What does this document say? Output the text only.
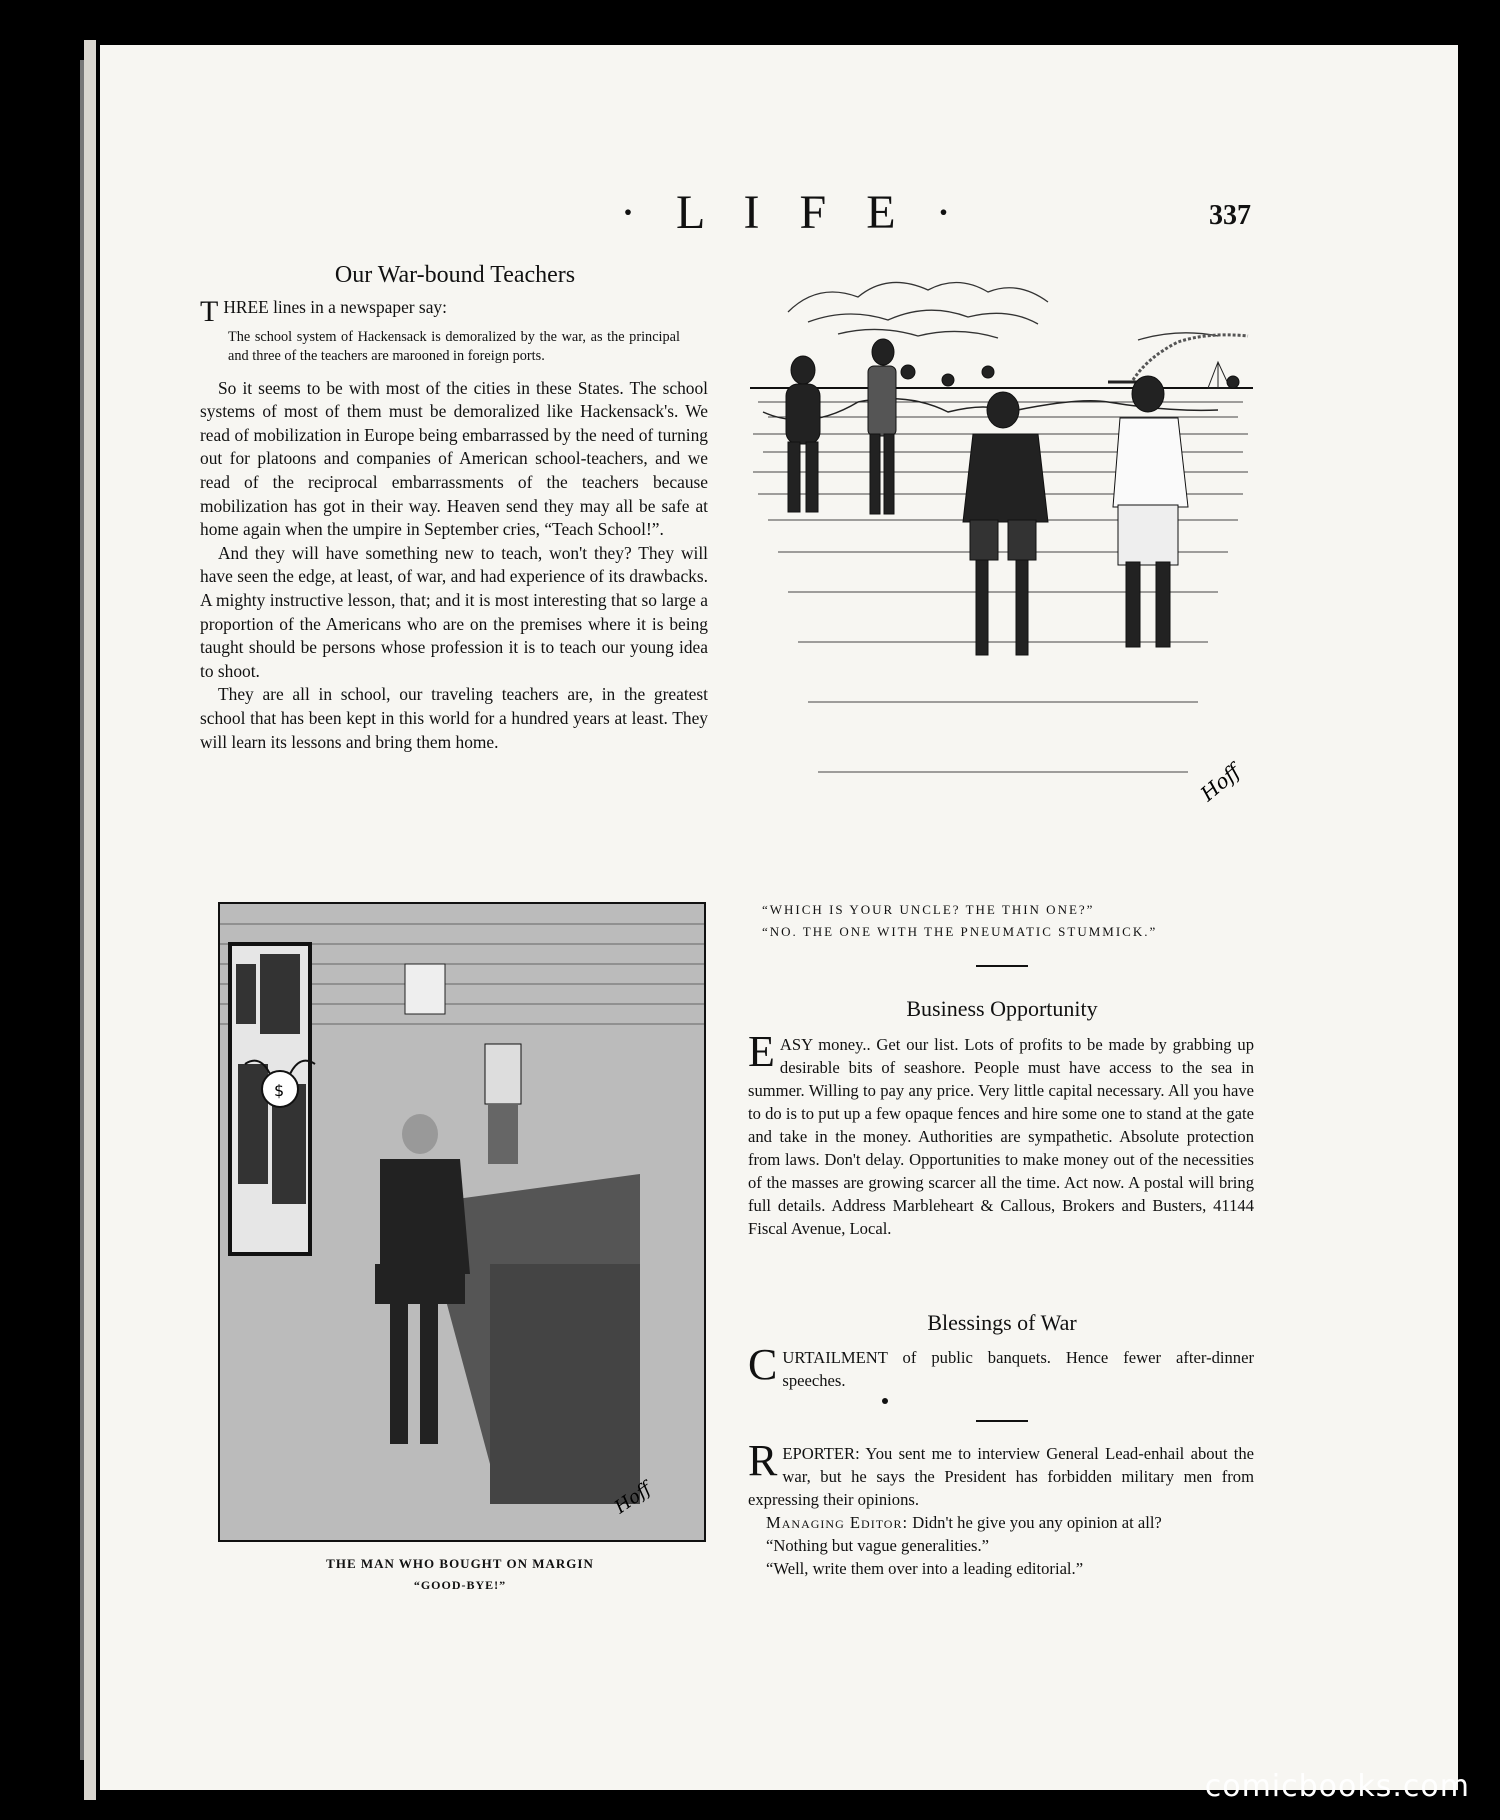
· L I F E ·	337
Our War-bound Teachers

THREE lines in a newspaper say:

The school system of Hackensack is demoralized by the war, as the principal and three of the teachers are marooned in foreign ports.

So it seems to be with most of the cities in these States. The school systems of most of them must be demoralized like Hackensack's. We read of mobilization in Europe being embarrassed by the need of turning out for platoons and companies of American school-teachers, and we read of the reciprocal embarrassments of the teachers because mobilization has got in their way. Heaven send they may all be safe at home again when the umpire in September cries, “Teach School!”.

And they will have something new to teach, won't they? They will have seen the edge, at least, of war, and had experience of its drawbacks. A mighty instructive lesson, that; and it is most interesting that so large a proportion of the Americans who are on the premises where it is being taught should be persons whose profession it is to teach our young idea to shoot.

They are all in school, our traveling teachers are, in the greatest school that has been kept in this world for a hundred years at least. They will learn its lessons and bring them home.

Hoff
“WHICH IS YOUR UNCLE? THE THIN ONE?”
“NO. THE ONE WITH THE PNEUMATIC STUMMICK.”
$
Hoff
THE MAN WHO BOUGHT ON MARGIN
“GOOD-BYE!”
Business Opportunity
EASY money.. Get our list. Lots of profits to be made by grabbing up desirable bits of seashore. People must have access to the sea in summer. Willing to pay any price. Very little capital necessary. All you have to do is to put up a few opaque fences and hire some one to stand at the gate and take in the money. Authorities are sympathetic. Absolute protection from laws. Don't delay. Opportunities to make money out of the necessities of the masses are growing scarcer all the time. Act now. A postal will bring full details. Address Marbleheart & Callous, Brokers and Busters, 41144 Fiscal Avenue, Local.
Blessings of War
CURTAILMENT of public banquets. Hence fewer after-dinner speeches.
REPORTER: You sent me to interview General Lead-enhail about the war, but he says the President has forbidden military men from expressing their opinions.
Managing Editor: Didn't he give you any opinion at all?
“Nothing but vague generalities.”
“Well, write them over into a leading editorial.”
comicbooks.com
